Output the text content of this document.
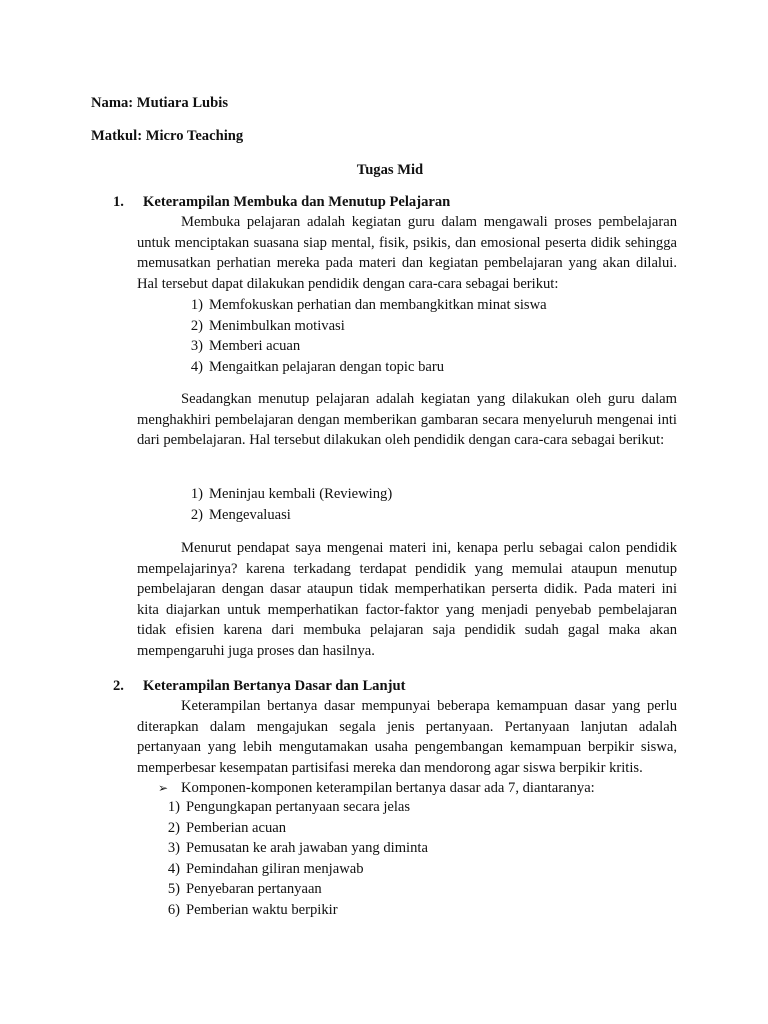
Nama: Mutiara Lubis
Matkul: Micro Teaching
Tugas Mid
1. Keterampilan Membuka dan Menutup Pelajaran
Membuka pelajaran adalah kegiatan guru dalam mengawali proses pembelajaran untuk menciptakan suasana siap mental, fisik, psikis, dan emosional peserta didik sehingga memusatkan perhatian mereka pada materi dan kegiatan pembelajaran yang akan dilalui. Hal tersebut dapat dilakukan pendidik dengan cara-cara sebagai berikut:
1) Memfokuskan perhatian dan membangkitkan minat siswa
2) Menimbulkan motivasi
3) Memberi acuan
4) Mengaitkan pelajaran dengan topic baru
Seadangkan menutup pelajaran adalah kegiatan yang dilakukan oleh guru dalam menghakhiri pembelajaran dengan memberikan gambaran secara menyeluruh mengenai inti dari pembelajaran. Hal tersebut dilakukan oleh pendidik dengan cara-cara sebagai berikut:
1) Meninjau kembali (Reviewing)
2) Mengevaluasi
Menurut pendapat saya mengenai materi ini, kenapa perlu sebagai calon pendidik mempelajarinya? karena terkadang terdapat pendidik yang memulai ataupun menutup pembelajaran dengan dasar ataupun tidak memperhatikan perserta didik. Pada materi ini kita diajarkan untuk memperhatikan factor-faktor yang menjadi penyebab pembelajaran tidak efisien karena dari membuka pelajaran saja pendidik sudah gagal maka akan mempengaruhi juga proses dan hasilnya.
2. Keterampilan Bertanya Dasar dan Lanjut
Keterampilan bertanya dasar mempunyai beberapa kemampuan dasar yang perlu diterapkan dalam mengajukan segala jenis pertanyaan. Pertanyaan lanjutan adalah pertanyaan yang lebih mengutamakan usaha pengembangan kemampuan berpikir siswa, memperbesar kesempatan partisifasi mereka dan mendorong agar siswa berpikir kritis.
➢ Komponen-komponen keterampilan bertanya dasar ada 7, diantaranya:
1) Pengungkapan pertanyaan secara jelas
2) Pemberian acuan
3) Pemusatan ke arah jawaban yang diminta
4) Pemindahan giliran menjawab
5) Penyebaran pertanyaan
6) Pemberian waktu berpikir
